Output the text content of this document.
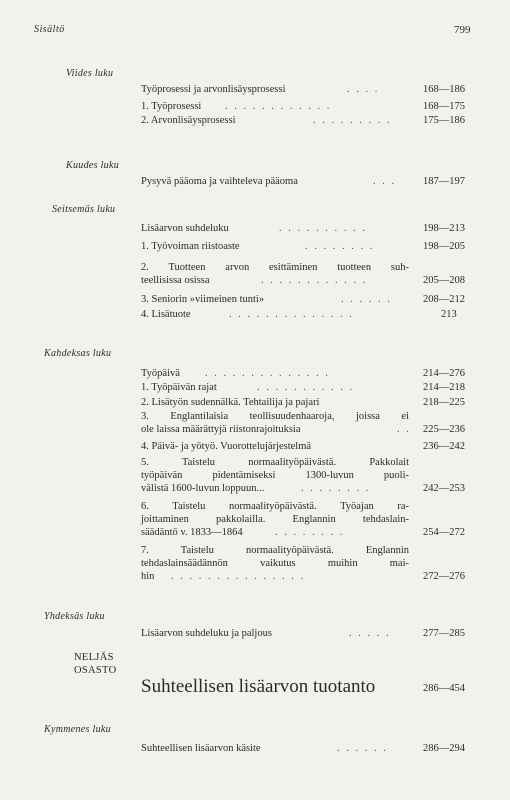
Sisältö	799
Viides luku
Työprosessi ja arvonlisäysprosessi	. . . .	168—186
1. Työprosessi . . . . . . . . . . . .	168—175
2. Arvonlisäysprosessi	. . . . . . . . .	175—186
Kuudes luku
Pysyvä pääoma ja vaihteleva pääoma	. . .	187—197
Seitsemäs luku
Lisäarvon suhdeluku	. . . . . . . . . .	198—213
1. Työvoiman riistoaste	. . . . . . . .	198—205
2. Tuotteen arvon esittäminen tuotteen suh-
teellisissa osissa	. . . . . . . . . . . .	205—208
3. Seniorin »viimeinen tunti»	. . . . . .	208—212
4. Lisätuote	. . . . . . . . . . . . . .	213
Kahdeksas luku
Työpäivä . . . . . . . . . . . . . .	214—276
1. Työpäivän rajat	. . . . . . . . . . .	214—218
2. Lisätyön sudennälkä. Tehtailija ja pajari	218—225
3. Englantilaisia teollisuudenhaaroja, joissa ei
ole laissa määrättyjä riistonrajoituksia	. . 225—236
4. Päivä- ja yötyö. Vuorottelujärjestelmä	236—242
5. Taistelu normaalityöpäivästä. Pakkolait
työpäivän pidentämiseksi 1300-luvun puoli-
välistä 1600-luvun loppuun...	. . . . . . . .	242—253
6. Taistelu normaalityöpäivästä. Työajan ra-
joittaminen pakkolailla. Englannin tehdaslain-
säädäntö v. 1833—1864	. . . . . . . .	254—272
7. Taistelu normaalityöpäivästä. Englannin
tehdaslainsäädännön vaikutus muihin mai-
hin . . . . . . . . . . . . . . .	272—276
Yhdeksäs luku
Lisäarvon suhdeluku ja paljous	. . . . .	277—285
NELJÄS
OSASTO
Suhteellisen lisäarvon tuotanto	286—454
Kymmenes luku
Suhteellisen lisäarvon käsite	. . . . . .	286—294
